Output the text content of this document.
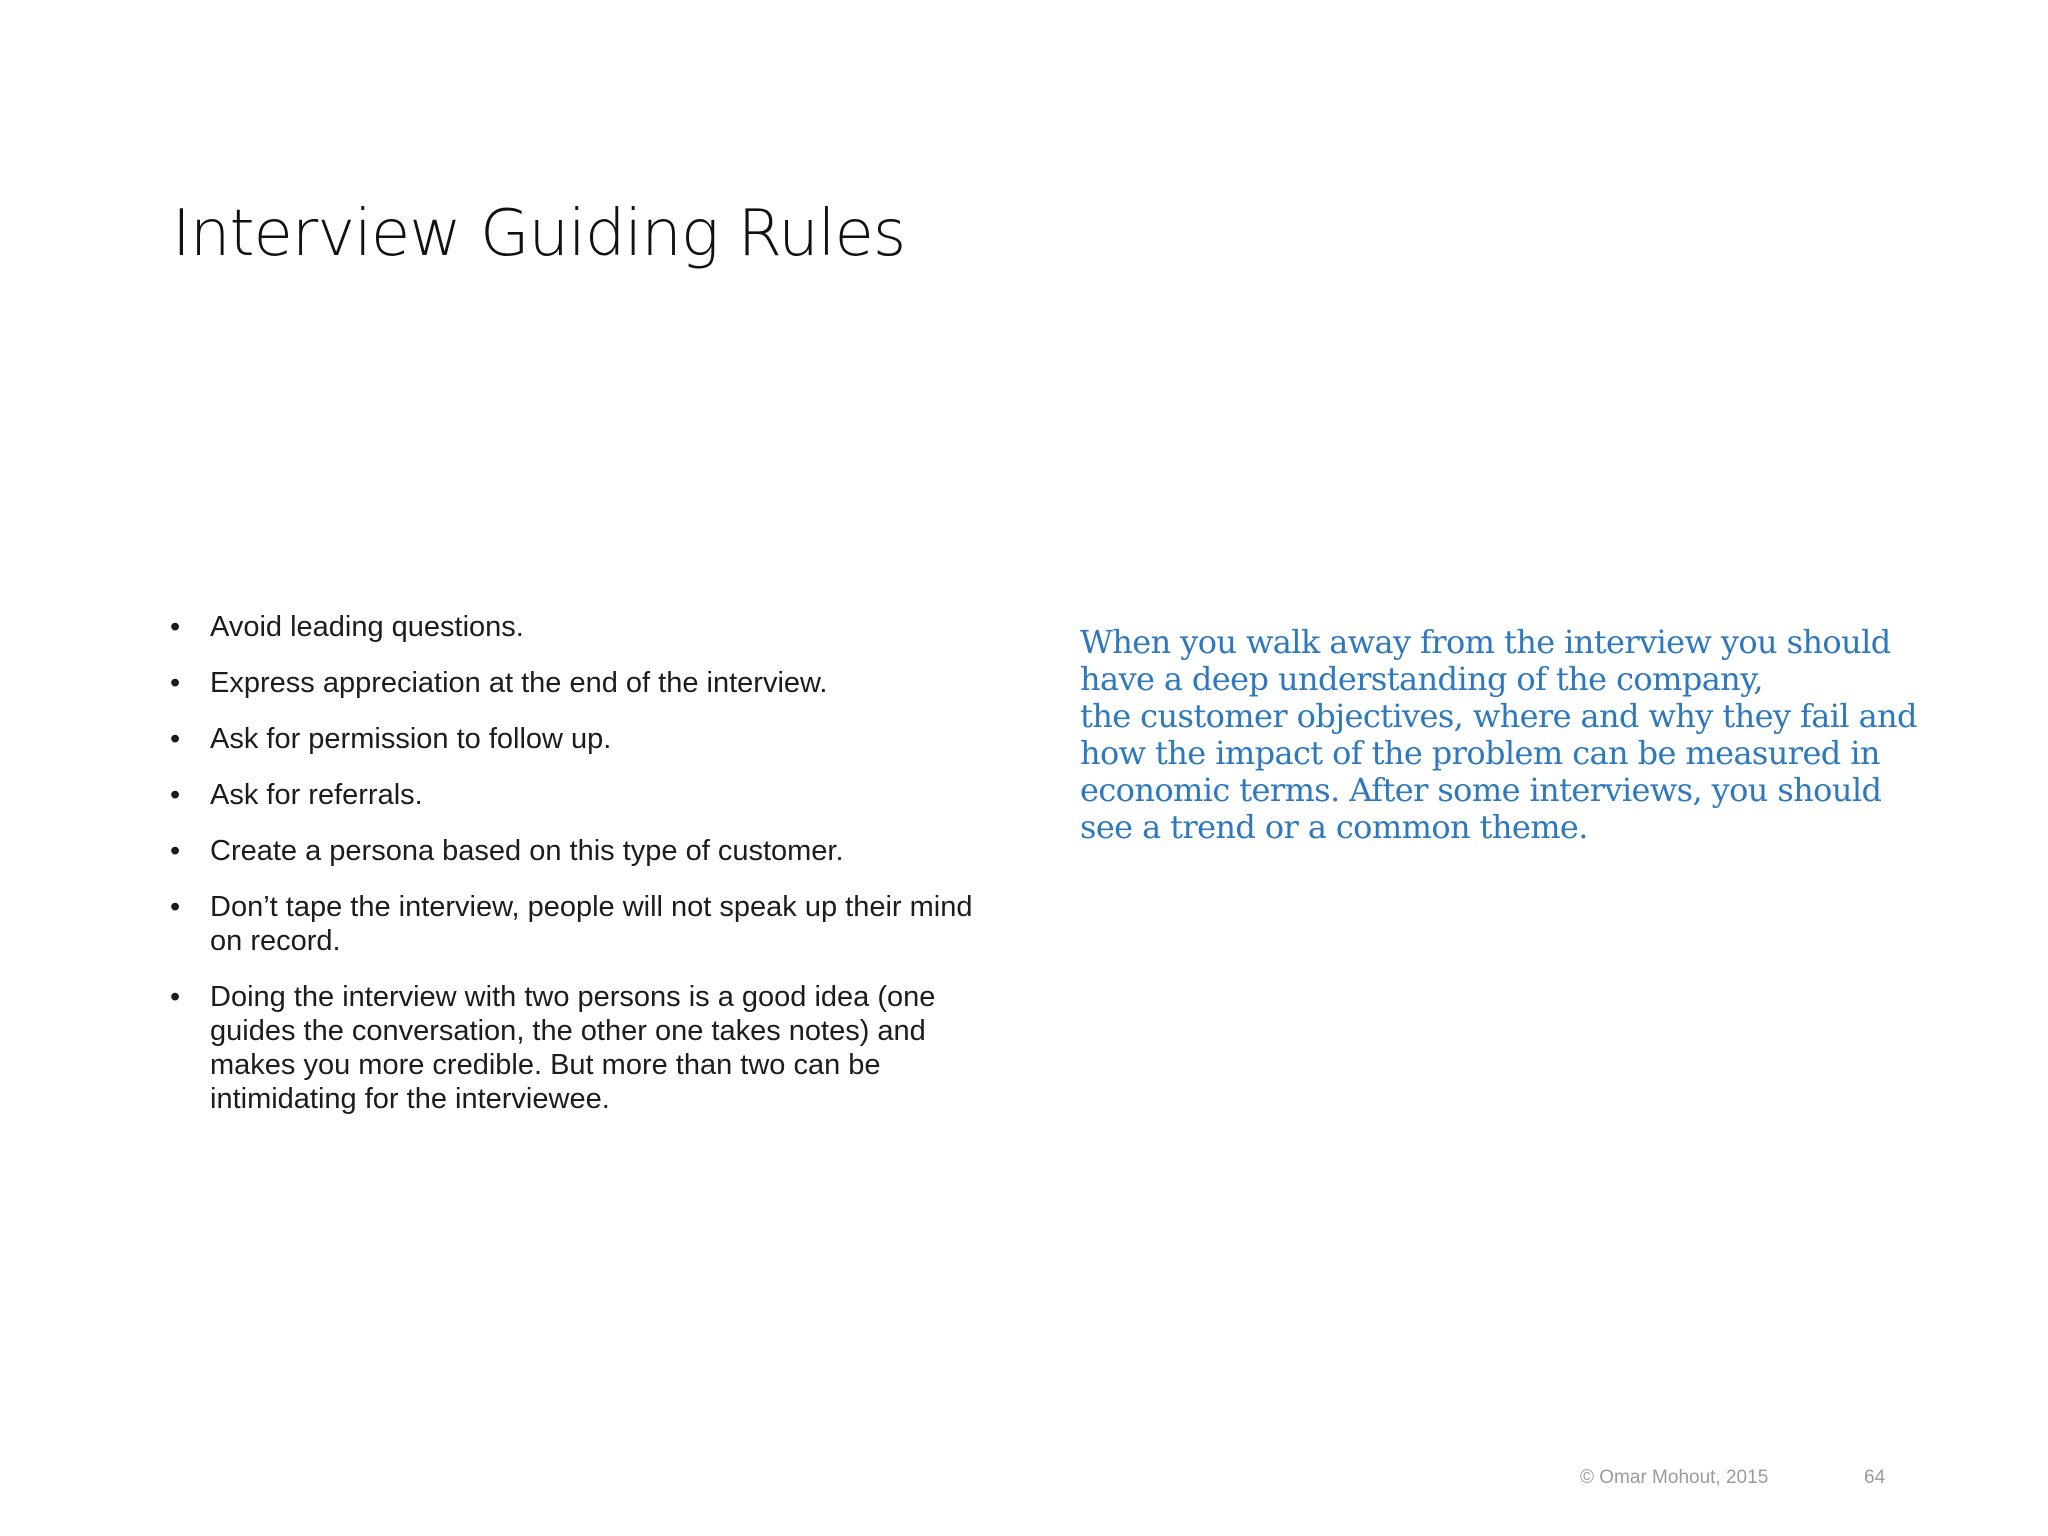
Interview Guiding Rules
•	Avoid leading questions.
•	Express appreciation at the end of the interview.
•	Ask for permission to follow up.
•	Ask for referrals.
•	Create a persona based on this type of customer.
•	Don’t tape the interview, people will not speak up their mind on record.
•	Doing the interview with two persons is a good idea (one guides the conversation, the other one takes notes) and makes you more credible. But more than two can be intimidating for the interviewee.

When you walk away from the interview you should
have a deep understanding of the company,
the customer objectives, where and why they fail and
how the impact of the problem can be measured in
economic terms. After some interviews, you should
see a trend or a common theme.

© Omar Mohout, 2015	64
